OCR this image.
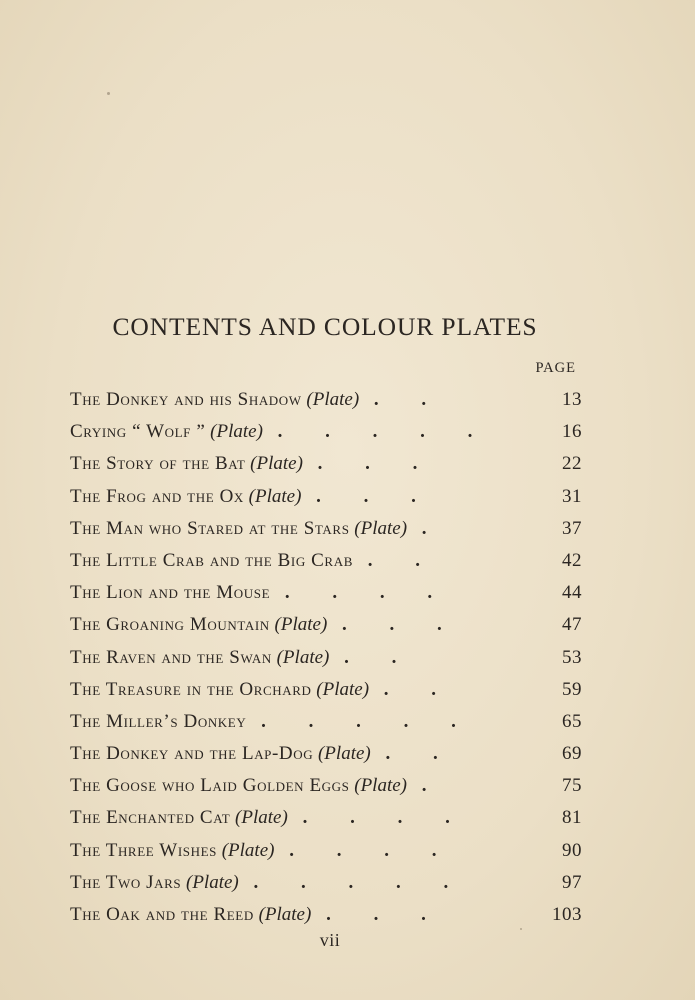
CONTENTS AND COLOUR PLATES
PAGE
The Donkey and his Shadow (Plate) . .	13
Crying “ Wolf ” (Plate) . . . . .	16
The Story of the Bat (Plate) . . .	22
The Frog and the Ox (Plate) . . .	31
The Man who Stared at the Stars (Plate) .	37
The Little Crab and the Big Crab . .	42
The Lion and the Mouse . . . .	44
The Groaning Mountain (Plate) . . .	47
The Raven and the Swan (Plate) . .	53
The Treasure in the Orchard (Plate) . .	59
The Miller’s Donkey . . . . .	65
The Donkey and the Lap-Dog (Plate) . .	69
The Goose who Laid Golden Eggs (Plate) .	75
The Enchanted Cat (Plate) . . . .	81
The Three Wishes (Plate) . . . .	90
The Two Jars (Plate) . . . . .	97
The Oak and the Reed (Plate) . . .	103
vii
